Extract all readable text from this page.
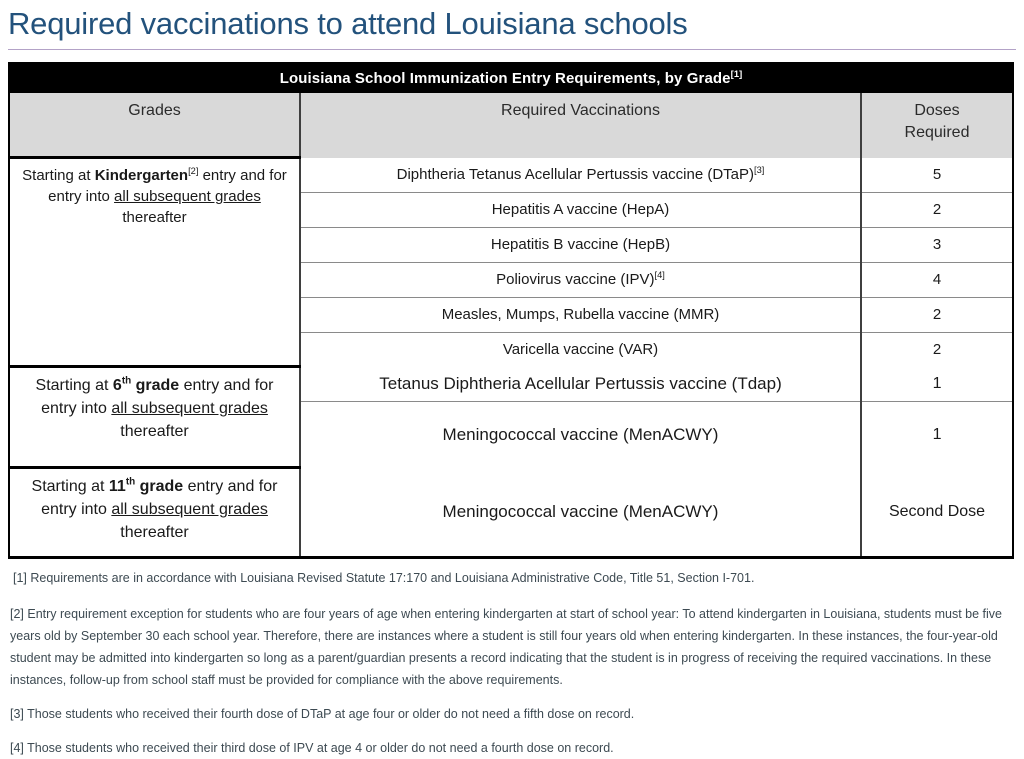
Required vaccinations to attend Louisiana schools
Louisiana School Immunization Entry Requirements, by Grade[1]
Grades	Required Vaccinations	Doses
Required
Starting at Kindergarten[2] entry and for entry into all subsequent grades thereafter	Diphtheria Tetanus Acellular Pertussis vaccine (DTaP)[3]	5
	Hepatitis A vaccine (HepA)	2
	Hepatitis B vaccine (HepB)	3
	Poliovirus vaccine (IPV)[4]	4
	Measles, Mumps, Rubella vaccine (MMR)	2
	Varicella vaccine (VAR)	2
Starting at 6th grade entry and for entry into all subsequent grades thereafter	Tetanus Diphtheria Acellular Pertussis vaccine (Tdap)	1
	Meningococcal vaccine (MenACWY)	1
Starting at 11th grade entry and for entry into all subsequent grades thereafter	Meningococcal vaccine (MenACWY)	Second Dose

[1] Requirements are in accordance with Louisiana Revised Statute 17:170 and Louisiana Administrative Code, Title 51, Section I-701.

[2] Entry requirement exception for students who are four years of age when entering kindergarten at start of school year: To attend kindergarten in Louisiana, students must be five years old by September 30 each school year. Therefore, there are instances where a student is still four years old when entering kindergarten. In these instances, the four-year-old student may be admitted into kindergarten so long as a parent/guardian presents a record indicating that the student is in progress of receiving the required vaccinations. In these instances, follow-up from school staff must be provided for compliance with the above requirements.

[3] Those students who received their fourth dose of DTaP at age four or older do not need a fifth dose on record.

[4] Those students who received their third dose of IPV at age 4 or older do not need a fourth dose on record.
